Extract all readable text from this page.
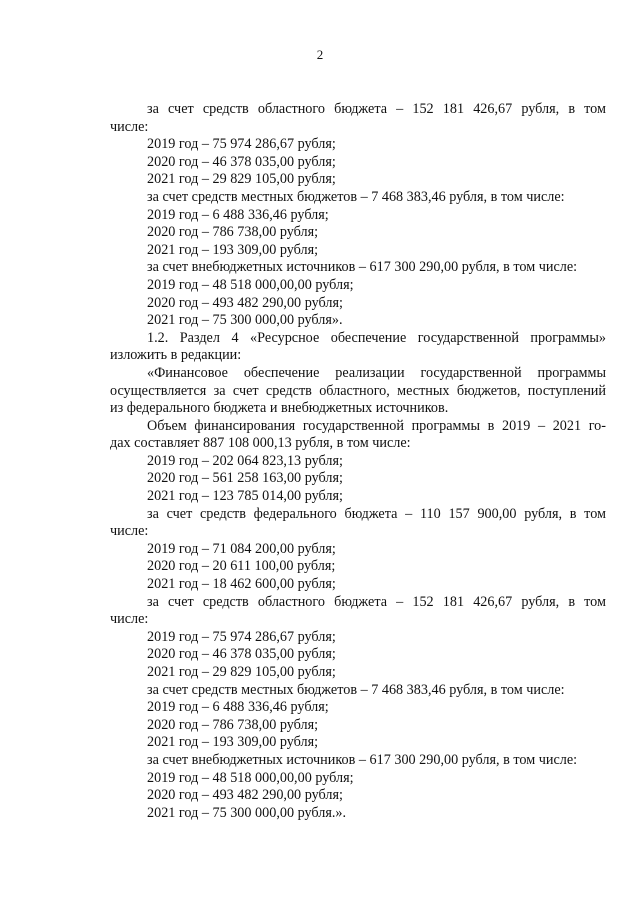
2

за счет средств областного бюджета – 152 181 426,67 рубля, в том

числе:

2019 год – 75 974 286,67 рубля;

2020 год – 46 378 035,00 рубля;

2021 год – 29 829 105,00 рубля;

за счет средств местных бюджетов – 7 468 383,46 рубля, в том числе:

2019 год – 6 488 336,46 рубля;

2020 год – 786 738,00 рубля;

2021 год – 193 309,00 рубля;

за счет внебюджетных источников – 617 300 290,00 рубля, в том числе:

2019 год – 48 518 000,00,00 рубля;

2020 год – 493 482 290,00 рубля;

2021 год – 75 300 000,00 рубля».

1.2. Раздел 4 «Ресурсное обеспечение государственной программы»

изложить в редакции:

«Финансовое обеспечение реализации государственной программы

осуществляется за счет средств областного, местных бюджетов, поступлений

из федерального бюджета и внебюджетных источников.

Объем финансирования государственной программы в 2019 – 2021 го-

дах составляет 887 108 000,13 рубля, в том числе:

2019 год – 202 064 823,13 рубля;

2020 год – 561 258 163,00 рубля;

2021 год – 123 785 014,00 рубля;

за счет средств федерального бюджета – 110 157 900,00 рубля, в том

числе:

2019 год – 71 084 200,00 рубля;

2020 год – 20 611 100,00 рубля;

2021 год – 18 462 600,00 рубля;

за счет средств областного бюджета – 152 181 426,67 рубля, в том

числе:

2019 год – 75 974 286,67 рубля;

2020 год – 46 378 035,00 рубля;

2021 год – 29 829 105,00 рубля;

за счет средств местных бюджетов – 7 468 383,46 рубля, в том числе:

2019 год – 6 488 336,46 рубля;

2020 год – 786 738,00 рубля;

2021 год – 193 309,00 рубля;

за счет внебюджетных источников – 617 300 290,00 рубля, в том числе:

2019 год – 48 518 000,00,00 рубля;

2020 год – 493 482 290,00 рубля;

2021 год – 75 300 000,00 рубля.».
